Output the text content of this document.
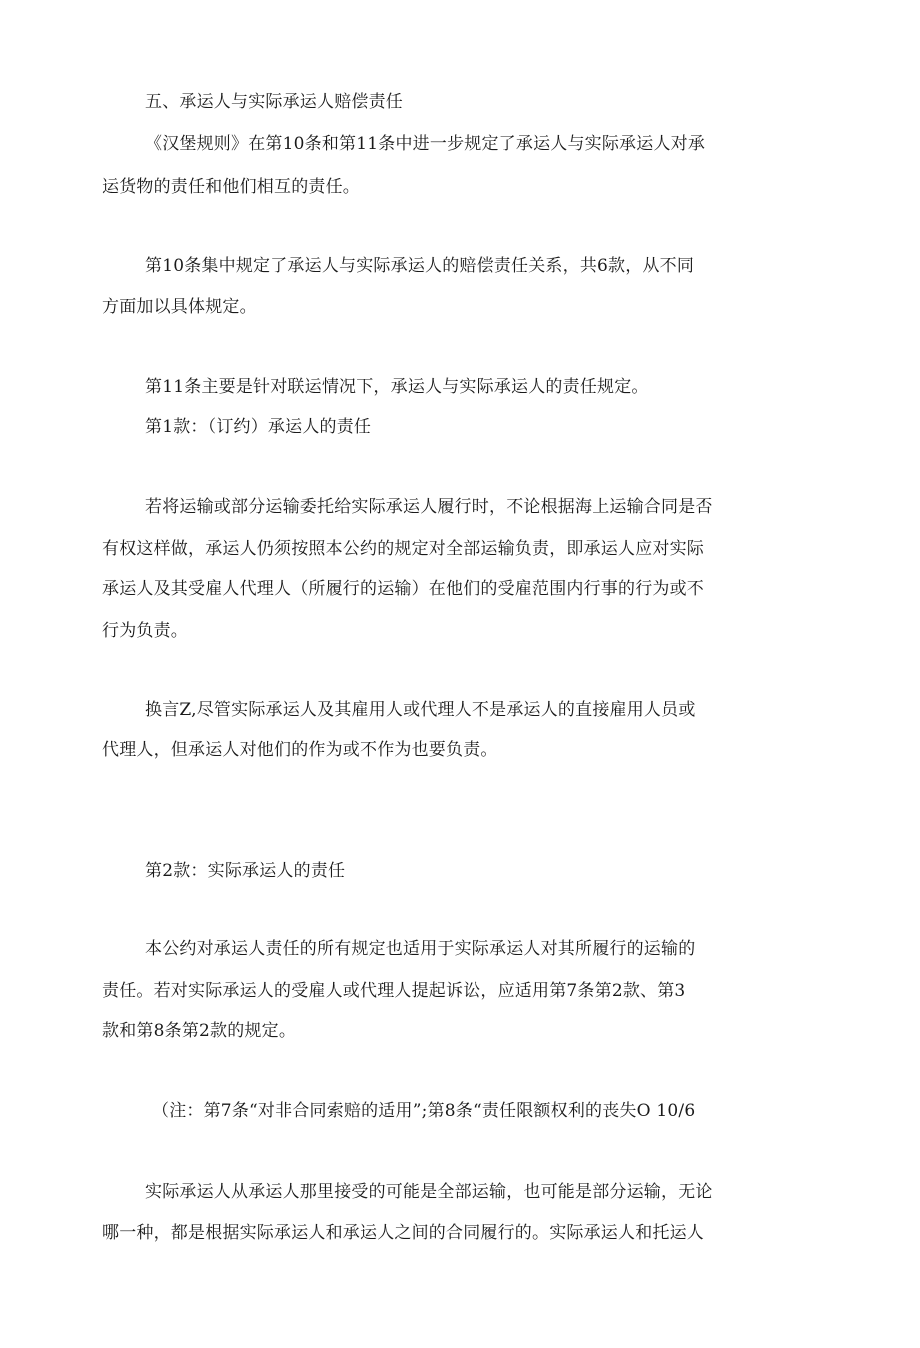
五、承运人与实际承运人赔偿责任
《汉堡规则》在第10条和第11条中进一步规定了承运人与实际承运人对承
运货物的责任和他们相互的责任。
第10条集中规定了承运人与实际承运人的赔偿责任关系，共6款，从不同
方面加以具体规定。
第11条主要是针对联运情况下，承运人与实际承运人的责任规定。
第1款：（订约）承运人的责任
若将运输或部分运输委托给实际承运人履行时，不论根据海上运输合同是否
有权这样做，承运人仍须按照本公约的规定对全部运输负责，即承运人应对实际
承运人及其受雇人代理人（所履行的运输）在他们的受雇范围内行事的行为或不
行为负责。
换言Z,尽管实际承运人及其雇用人或代理人不是承运人的直接雇用人员或
代理人，但承运人对他们的作为或不作为也要负责。
第2款：实际承运人的责任
本公约对承运人责任的所有规定也适用于实际承运人对其所履行的运输的
责任。若对实际承运人的受雇人或代理人提起诉讼，应适用第7条第2款、第3
款和第8条第2款的规定。
（注：第7条“对非合同索赔的适用”;第8条“责任限额权利的丧失O 10/6
实际承运人从承运人那里接受的可能是全部运输，也可能是部分运输，无论
哪一种，都是根据实际承运人和承运人之间的合同履行的。实际承运人和托运人
